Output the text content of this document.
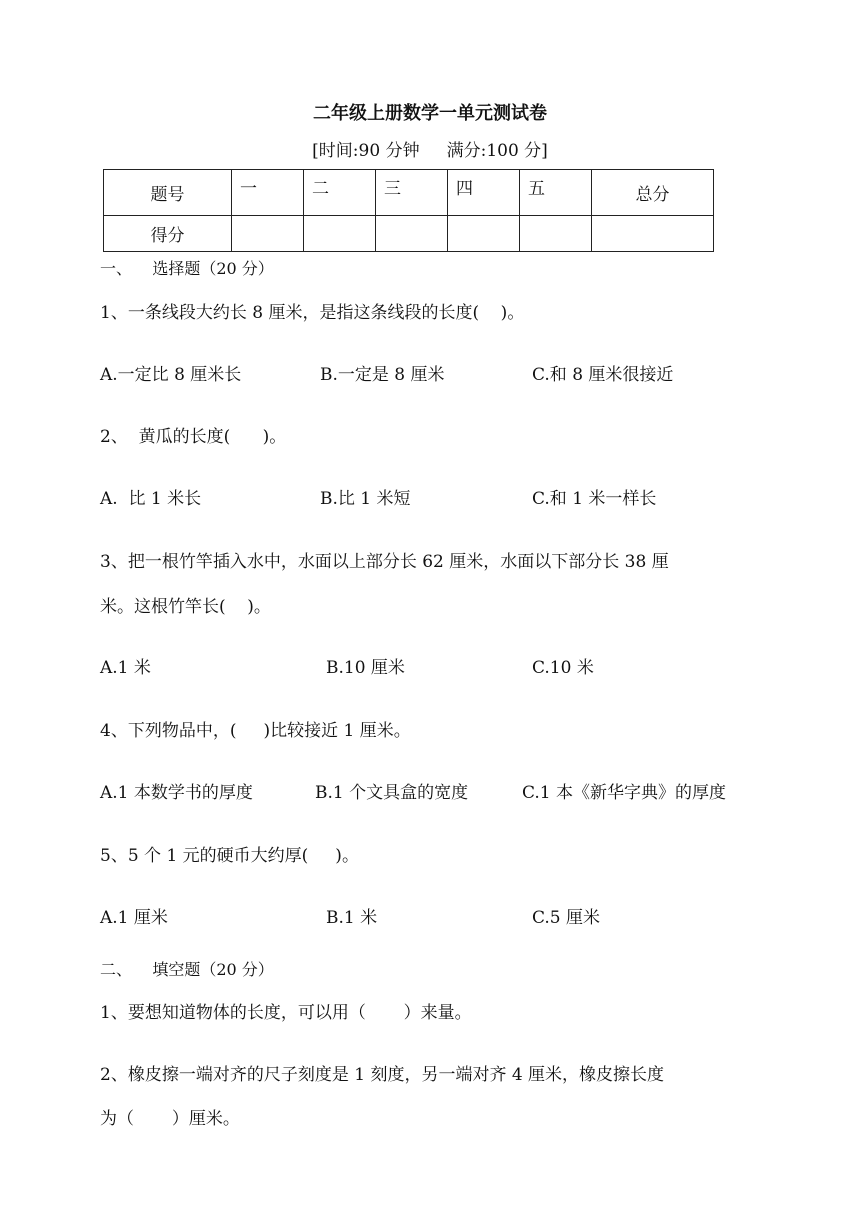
二年级上册数学一单元测试卷
[时间:90 分钟     满分:100 分]
题号	一	二	三	四	五	总分
得分						
一、    选择题（20 分）
1、一条线段大约长 8 厘米，是指这条线段的长度(    )。
A.一定比 8 厘米长	B.一定是 8 厘米	C.和 8 厘米很接近
2、  黄瓜的长度(      )。
A.  比 1 米长	B.比 1 米短	C.和 1 米一样长
3、把一根竹竿插入水中，水面以上部分长 62 厘米，水面以下部分长 38 厘
米。这根竹竿长(    )。
A.1 米	B.10 厘米	C.10 米
4、下列物品中，(     )比较接近 1 厘米。
A.1 本数学书的厚度	B.1 个文具盒的宽度	C.1 本《新华字典》的厚度
5、5 个 1 元的硬币大约厚(     )。
A.1 厘米	B.1 米	C.5 厘米
二、    填空题（20 分）
1、要想知道物体的长度，可以用（       ）来量。
2、橡皮擦一端对齐的尺子刻度是 1 刻度，另一端对齐 4 厘米，橡皮擦长度
为（       ）厘米。
